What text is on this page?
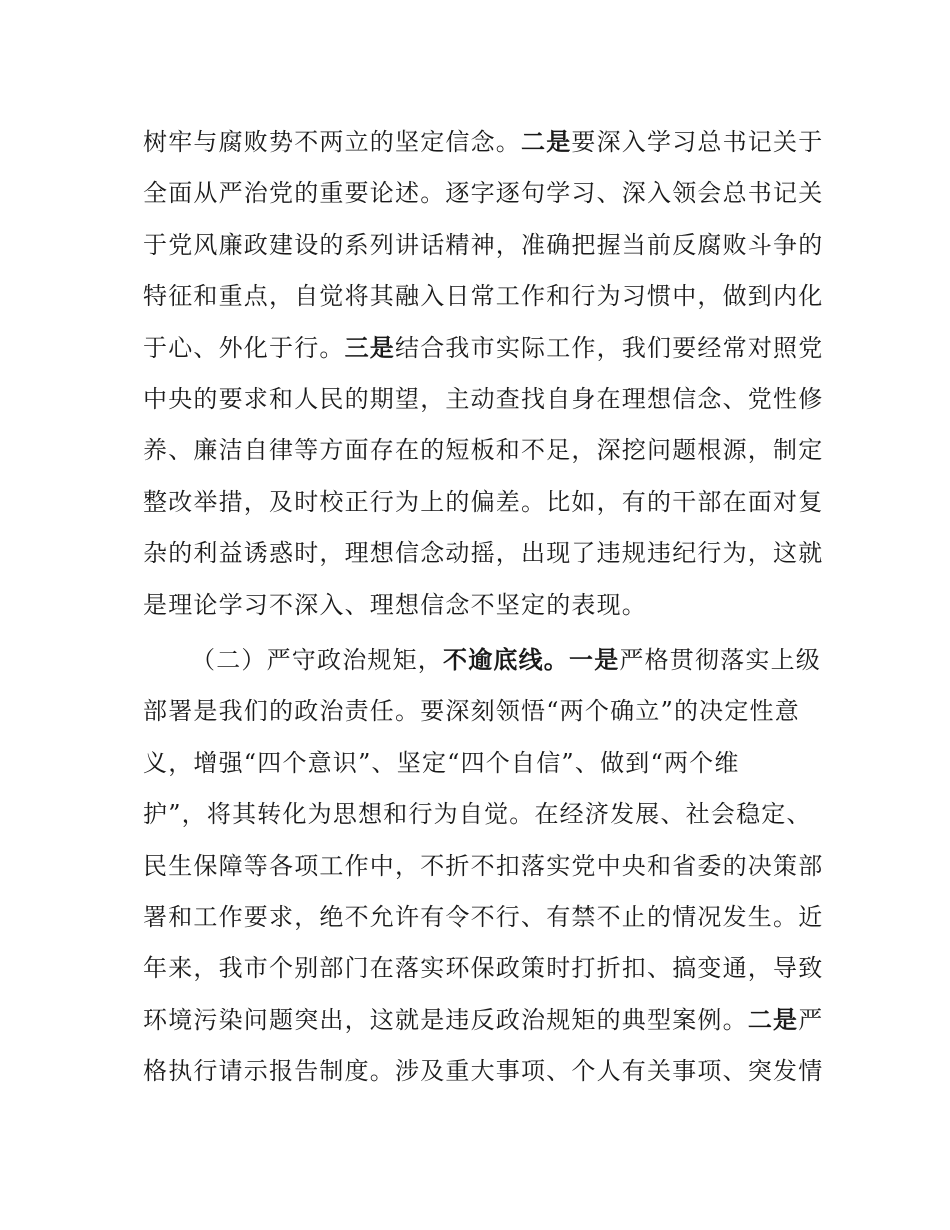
树牢与腐败势不两立的坚定信念。二是要深入学习总书记关于
全面从严治党的重要论述。逐字逐句学习、深入领会总书记关
于党风廉政建设的系列讲话精神，准确把握当前反腐败斗争的
特征和重点，自觉将其融入日常工作和行为习惯中，做到内化
于心、外化于行。三是结合我市实际工作，我们要经常对照党
中央的要求和人民的期望，主动查找自身在理想信念、党性修
养、廉洁自律等方面存在的短板和不足，深挖问题根源，制定
整改举措，及时校正行为上的偏差。比如，有的干部在面对复
杂的利益诱惑时，理想信念动摇，出现了违规违纪行为，这就
是理论学习不深入、理想信念不坚定的表现。
（二）严守政治规矩，不逾底线。一是严格贯彻落实上级
部署是我们的政治责任。要深刻领悟“两个确立”的决定性意
义，增强“四个意识”、坚定“四个自信”、做到“两个维
护”，将其转化为思想和行为自觉。在经济发展、社会稳定、
民生保障等各项工作中，不折不扣落实党中央和省委的决策部
署和工作要求，绝不允许有令不行、有禁不止的情况发生。近
年来，我市个别部门在落实环保政策时打折扣、搞变通，导致
环境污染问题突出，这就是违反政治规矩的典型案例。二是严
格执行请示报告制度。涉及重大事项、个人有关事项、突发情
